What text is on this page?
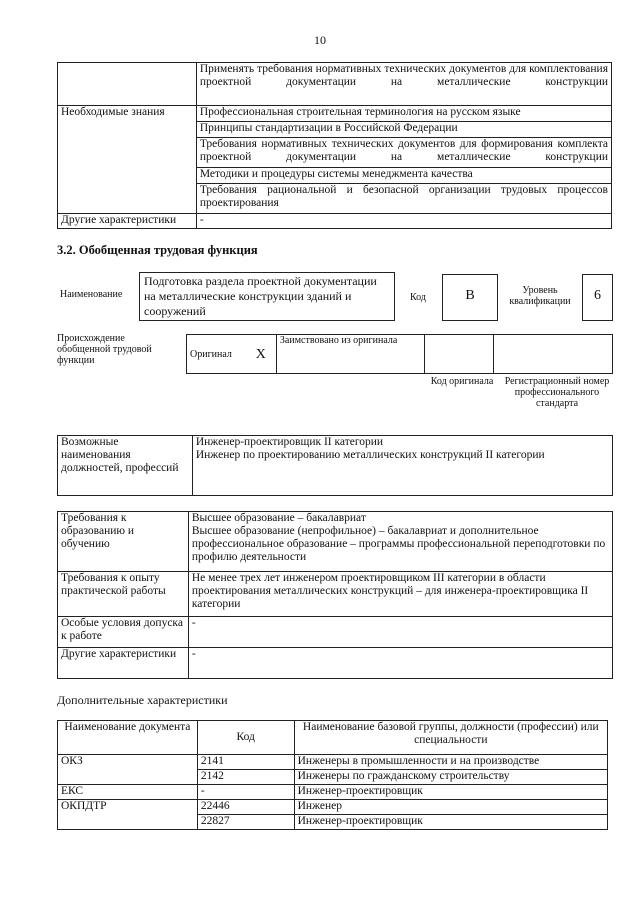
10
	Применять требования нормативных технических документов для комплектования проектной документации на металлические конструкции
Необходимые знания	Профессиональная строительная терминология на русском языке
	Принципы стандартизации в Российской Федерации
	Требования нормативных технических документов для формирования комплекта проектной документации на металлические конструкции
	Методики и процедуры системы менеджмента качества
	Требования рациональной и безопасной организации трудовых процессов проектирования
Другие характеристики	-
3.2. Обобщенная трудовая функция
Наименование
Подготовка раздела проектной документации на металлические конструкции зданий и сооружений
Код	B	Уровень квалификации	6
Происхождение обобщенной трудовой функции
Оригинал	X	Заимствовано из оригинала		
Код оригинала Регистрационный номер профессионального стандарта
Возможные наименования должностей, профессий	
Инженер-проектировщик II категории
Инженер по проектированию металлических конструкций II категории
Требования к образованию и обучению	Высшее образование – бакалавриат
Высшее образование (непрофильное) – бакалавриат и дополнительное профессиональное образование – программы профессиональной переподготовки по профилю деятельности

Требования к опыту практической работы	Не менее трех лет инженером проектировщиком III категории в области проектирования металлических конструкций – для инженера-проектировщика II категории
Особые условия допуска к работе	-
Другие характеристики	-
Дополнительные характеристики
Наименование документа	Код	Наименование базовой группы, должности (профессии) или специальности
ОКЗ	2141	Инженеры в промышленности и на производстве
	2142	Инженеры по гражданскому строительству
ЕКС	-	Инженер-проектировщик
ОКПДТР	22446	Инженер
	22827	Инженер-проектировщик
